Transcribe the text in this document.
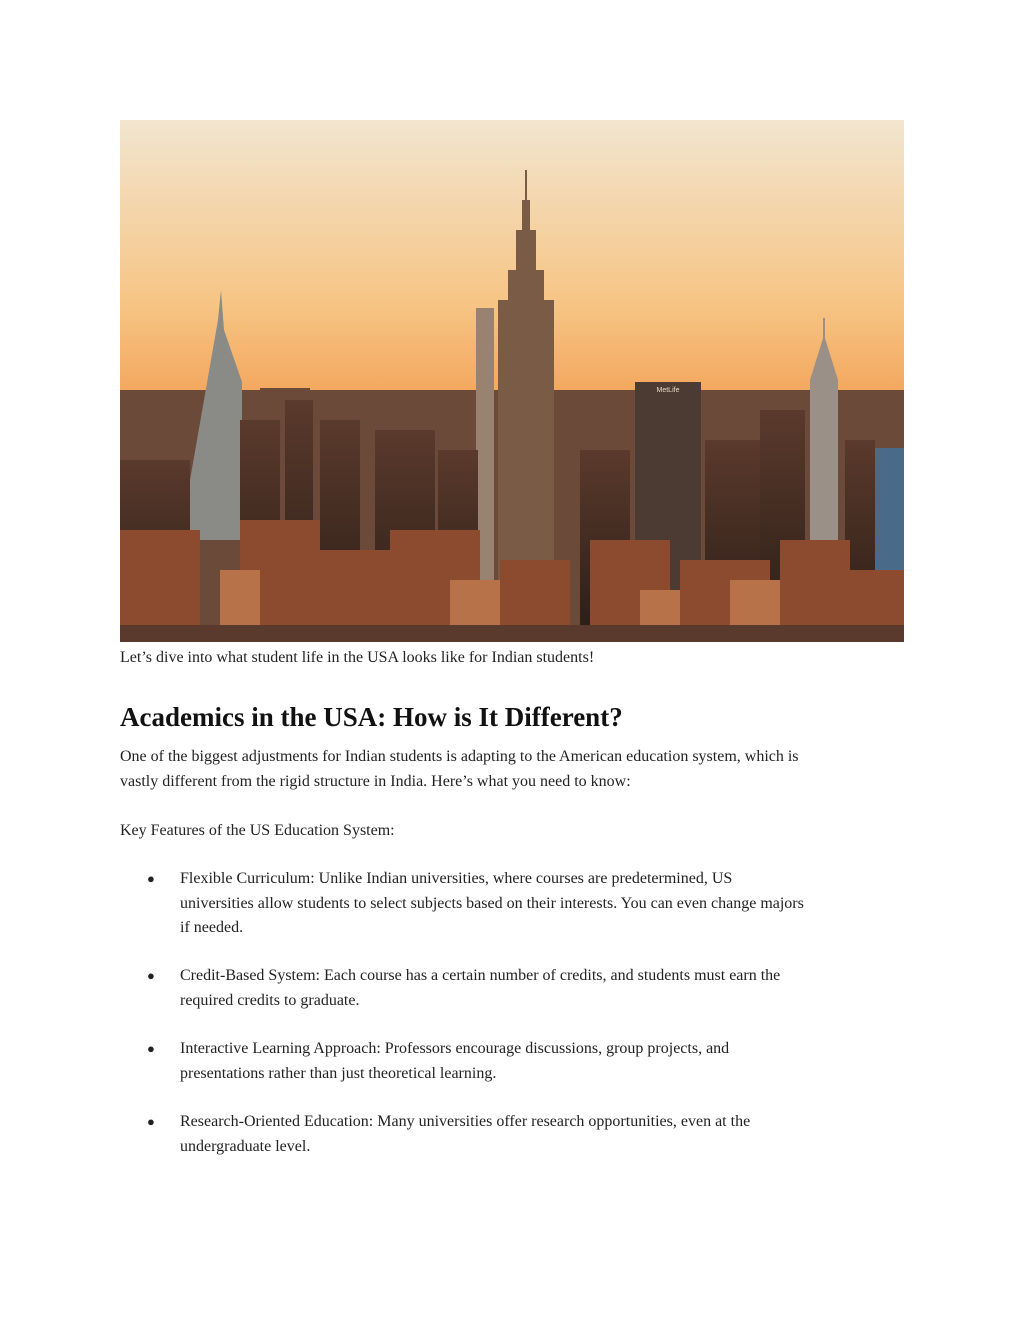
MetLife
Let’s dive into what student life in the USA looks like for Indian students!
Academics in the USA: How is It Different?

One of the biggest adjustments for Indian students is adapting to the American education system, which is
vastly different from the rigid structure in India. Here’s what you need to know:

Key Features of the US Education System:

● Flexible Curriculum: Unlike Indian universities, where courses are predetermined, US
universities allow students to select subjects based on their interests. You can even change majors
if needed.

● Credit-Based System: Each course has a certain number of credits, and students must earn the
required credits to graduate.

● Interactive Learning Approach: Professors encourage discussions, group projects, and
presentations rather than just theoretical learning.

● Research-Oriented Education: Many universities offer research opportunities, even at the
undergraduate level.
